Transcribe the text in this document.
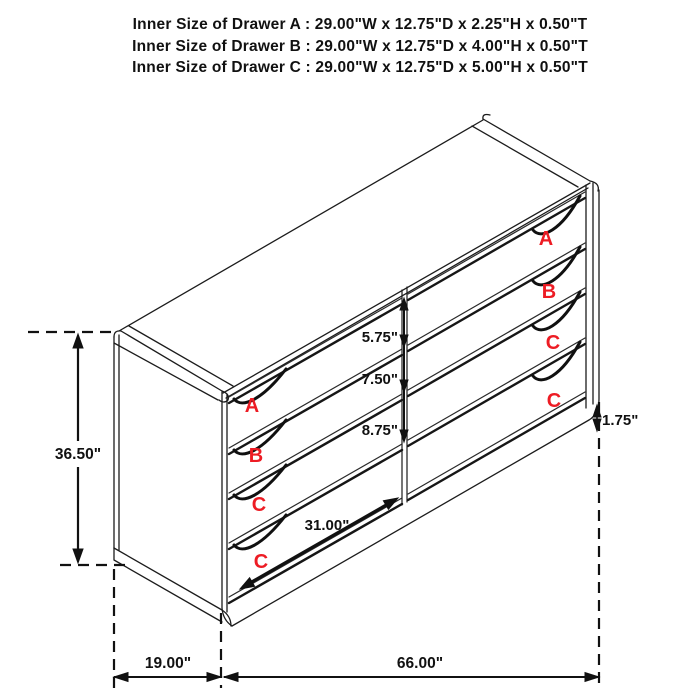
Inner Size of Drawer A : 29.00"W x 12.75"D x 2.25"H x 0.50"T
Inner Size of Drawer B : 29.00"W x 12.75"D x 4.00"H x 0.50"T
Inner Size of Drawer C : 29.00"W x 12.75"D x 5.00"H x 0.50"T
5.75"
7.50"
8.75"
31.00"
36.50"
1.75"
19.00"	66.00"
A
B
C
C
A
B
C
C
